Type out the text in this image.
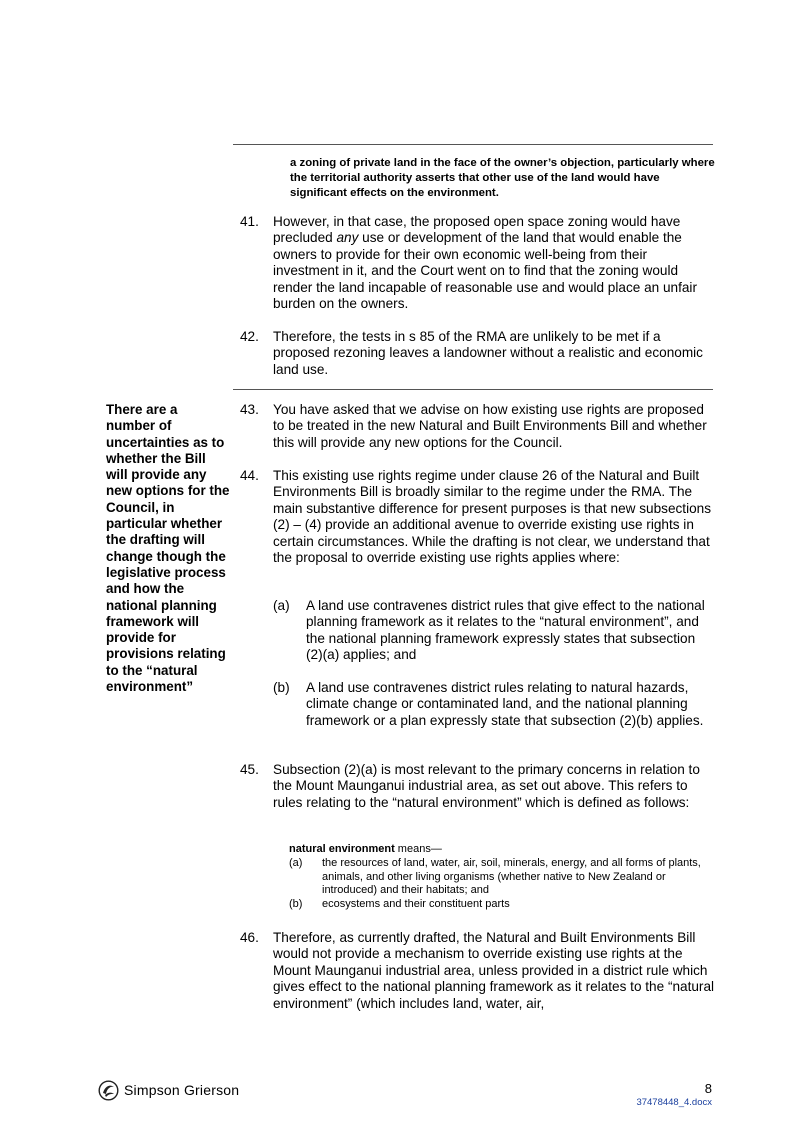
a zoning of private land in the face of the owner’s objection, particularly where the territorial authority asserts that other use of the land would have significant effects on the environment.
41. However, in that case, the proposed open space zoning would have precluded any use or development of the land that would enable the owners to provide for their own economic well-being from their investment in it, and the Court went on to find that the zoning would render the land incapable of reasonable use and would place an unfair burden on the owners.
42. Therefore, the tests in s 85 of the RMA are unlikely to be met if a proposed rezoning leaves a landowner without a realistic and economic land use.
There are a number of uncertainties as to whether the Bill will provide any new options for the Council, in particular whether the drafting will change though the legislative process and how the national planning framework will provide for provisions relating to the “natural environment”
43. You have asked that we advise on how existing use rights are proposed to be treated in the new Natural and Built Environments Bill and whether this will provide any new options for the Council.
44. This existing use rights regime under clause 26 of the Natural and Built Environments Bill is broadly similar to the regime under the RMA. The main substantive difference for present purposes is that new subsections (2) – (4) provide an additional avenue to override existing use rights in certain circumstances. While the drafting is not clear, we understand that the proposal to override existing use rights applies where:
(a) A land use contravenes district rules that give effect to the national planning framework as it relates to the “natural environment”, and the national planning framework expressly states that subsection (2)(a) applies; and
(b) A land use contravenes district rules relating to natural hazards, climate change or contaminated land, and the national planning framework or a plan expressly state that subsection (2)(b) applies.
45. Subsection (2)(a) is most relevant to the primary concerns in relation to the Mount Maunganui industrial area, as set out above. This refers to rules relating to the “natural environment” which is defined as follows:
natural environment means—
(a) the resources of land, water, air, soil, minerals, energy, and all forms of plants, animals, and other living organisms (whether native to New Zealand or introduced) and their habitats; and
(b) ecosystems and their constituent parts
46. Therefore, as currently drafted, the Natural and Built Environments Bill would not provide a mechanism to override existing use rights at the Mount Maunganui industrial area, unless provided in a district rule which gives effect to the national planning framework as it relates to the “natural environment” (which includes land, water, air,
Simpson Grierson	8
37478448_4.docx
